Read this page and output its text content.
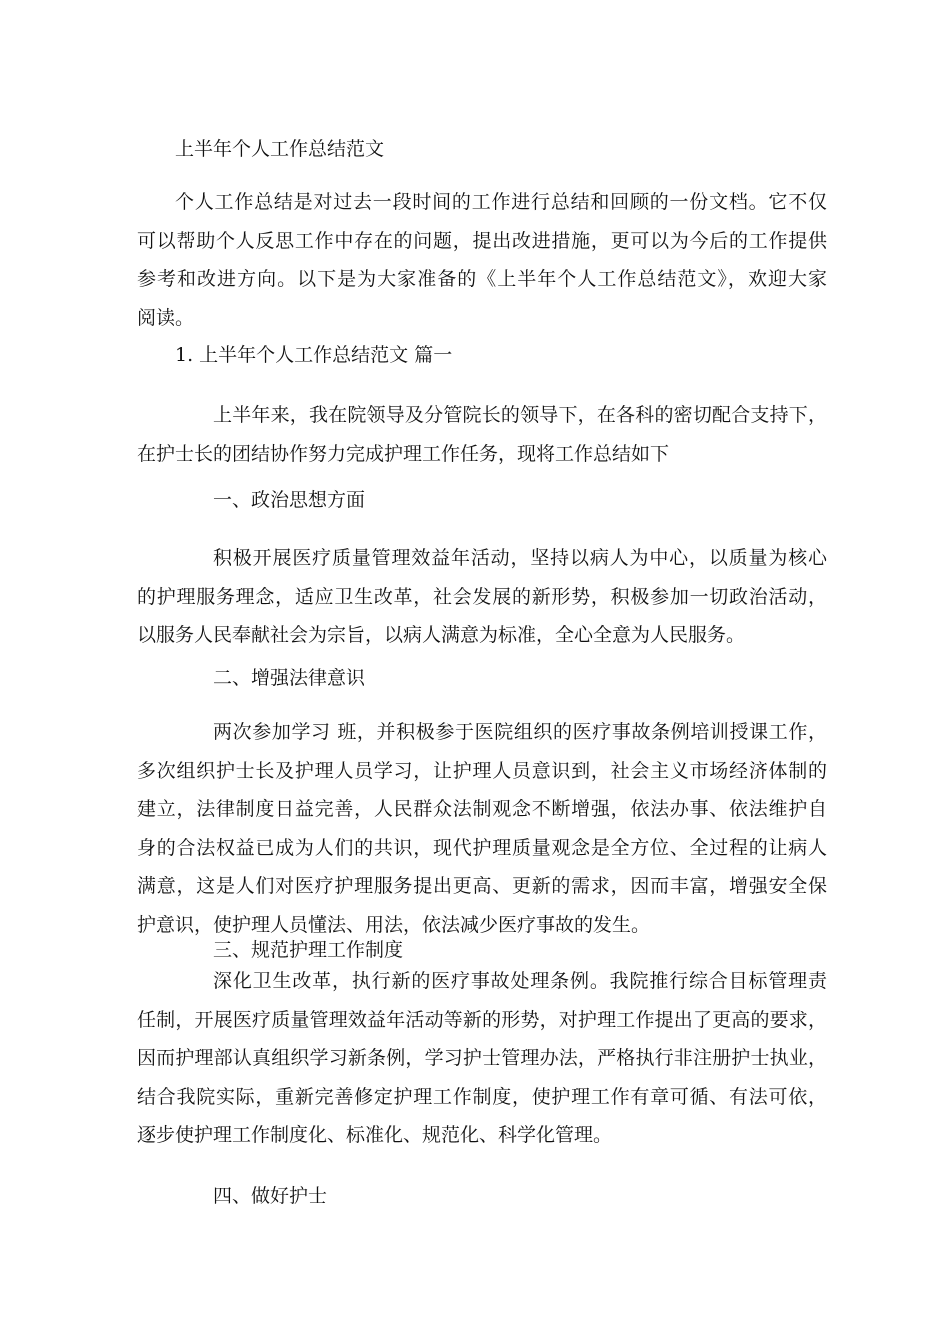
上半年个人工作总结范文
个人工作总结是对过去一段时间的工作进行总结和回顾的一份文档。它不仅
可以帮助个人反思工作中存在的问题，提出改进措施，更可以为今后的工作提供
参考和改进方向。以下是为大家准备的《上半年个人工作总结范文》，欢迎大家
阅读。
1. 上半年个人工作总结范文 篇一
上半年来，我在院领导及分管院长的领导下，在各科的密切配合支持下，
在护士长的团结协作努力完成护理工作任务，现将工作总结如下
一、政治思想方面
积极开展医疗质量管理效益年活动，坚持以病人为中心，以质量为核心
的护理服务理念，适应卫生改革，社会发展的新形势，积极参加一切政治活动，
以服务人民奉献社会为宗旨，以病人满意为标准，全心全意为人民服务。
二、增强法律意识
两次参加学习 班，并积极参于医院组织的医疗事故条例培训授课工作，
多次组织护士长及护理人员学习，让护理人员意识到，社会主义市场经济体制的
建立，法律制度日益完善，人民群众法制观念不断增强，依法办事、依法维护自
身的合法权益已成为人们的共识，现代护理质量观念是全方位、全过程的让病人
满意，这是人们对医疗护理服务提出更高、更新的需求，因而丰富，增强安全保
护意识，使护理人员懂法、用法，依法减少医疗事故的发生。
三、规范护理工作制度
深化卫生改革，执行新的医疗事故处理条例。我院推行综合目标管理责
任制，开展医疗质量管理效益年活动等新的形势，对护理工作提出了更高的要求，
因而护理部认真组织学习新条例，学习护士管理办法，严格执行非注册护士执业，
结合我院实际，重新完善修定护理工作制度，使护理工作有章可循、有法可依，
逐步使护理工作制度化、标准化、规范化、科学化管理。
四、做好护士
